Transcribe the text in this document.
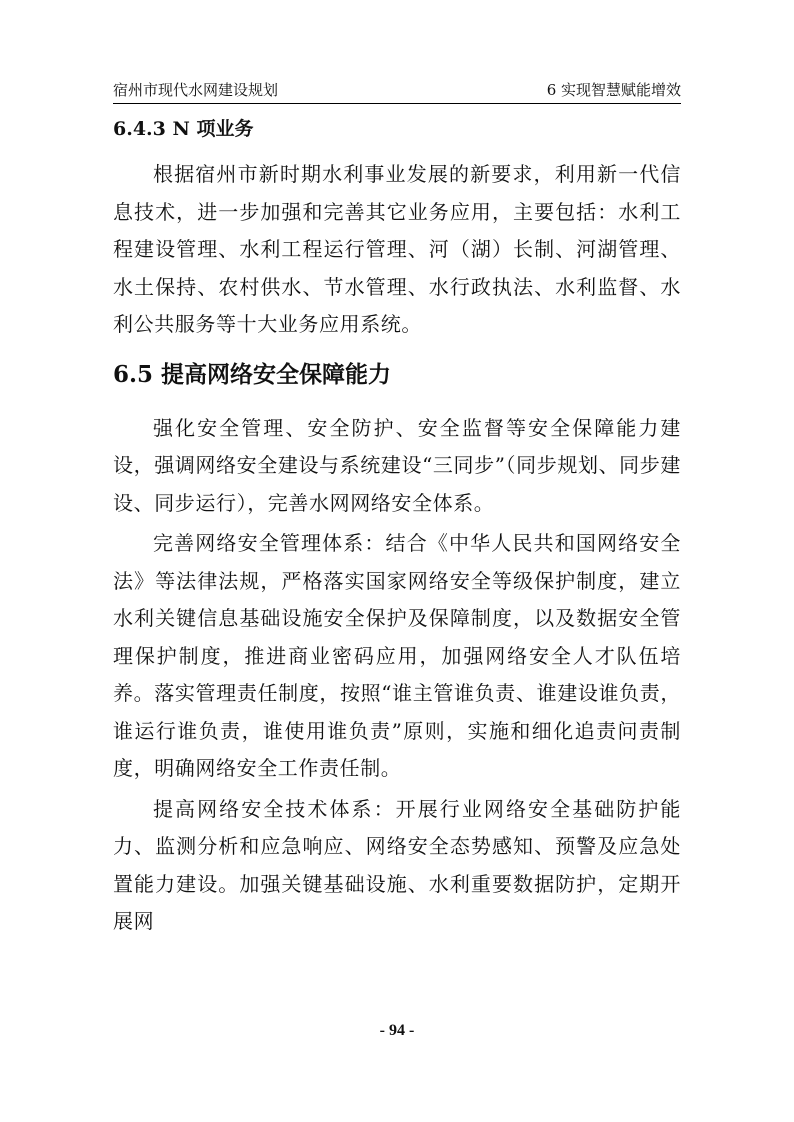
宿州市现代水网建设规划	6 实现智慧赋能增效
6.4.3 N 项业务

根据宿州市新时期水利事业发展的新要求，利用新一代信息技术，进一步加强和完善其它业务应用，主要包括：水利工程建设管理、水利工程运行管理、河（湖）长制、河湖管理、水土保持、农村供水、节水管理、水行政执法、水利监督、水利公共服务等十大业务应用系统。

6.5 提高网络安全保障能力

强化安全管理、安全防护、安全监督等安全保障能力建设，强调网络安全建设与系统建设“三同步”（同步规划、同步建设、同步运行），完善水网网络安全体系。

完善网络安全管理体系：结合《中华人民共和国网络安全法》等法律法规，严格落实国家网络安全等级保护制度，建立水利关键信息基础设施安全保护及保障制度，以及数据安全管理保护制度，推进商业密码应用，加强网络安全人才队伍培养。落实管理责任制度，按照“谁主管谁负责、谁建设谁负责，谁运行谁负责，谁使用谁负责”原则，实施和细化追责问责制度，明确网络安全工作责任制。

提高网络安全技术体系：开展行业网络安全基础防护能力、监测分析和应急响应、网络安全态势感知、预警及应急处置能力建设。加强关键基础设施、水利重要数据防护，定期开展网

- 94 -
